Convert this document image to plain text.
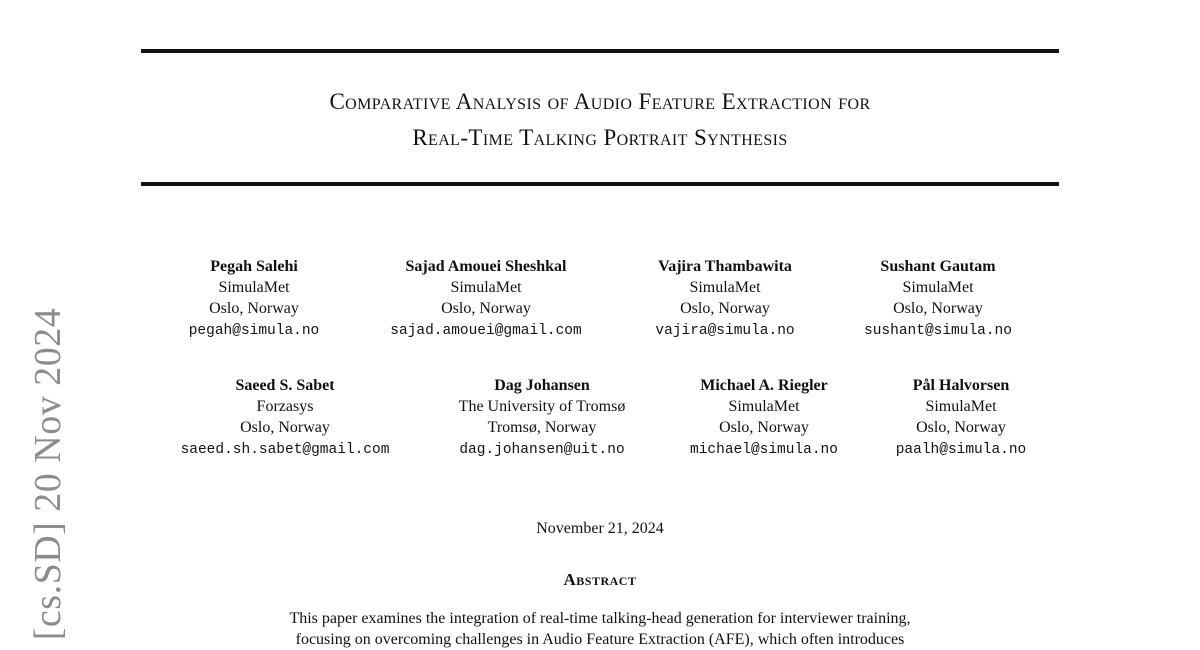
[cs.SD] 20 Nov 2024
Comparative Analysis of Audio Feature Extraction for
Real-Time Talking Portrait Synthesis
Pegah Salehi
SimulaMet
Oslo, Norway
pegah@simula.no
Sajad Amouei Sheshkal
SimulaMet
Oslo, Norway
sajad.amouei@gmail.com
Vajira Thambawita
SimulaMet
Oslo, Norway
vajira@simula.no
Sushant Gautam
SimulaMet
Oslo, Norway
sushant@simula.no
Saeed S. Sabet
Forzasys
Oslo, Norway
saeed.sh.sabet@gmail.com
Dag Johansen
The University of Tromsø
Tromsø, Norway
dag.johansen@uit.no
Michael A. Riegler
SimulaMet
Oslo, Norway
michael@simula.no
Pål Halvorsen
SimulaMet
Oslo, Norway
paalh@simula.no
November 21, 2024
Abstract
This paper examines the integration of real-time talking-head generation for interviewer training,
focusing on overcoming challenges in Audio Feature Extraction (AFE), which often introduces
